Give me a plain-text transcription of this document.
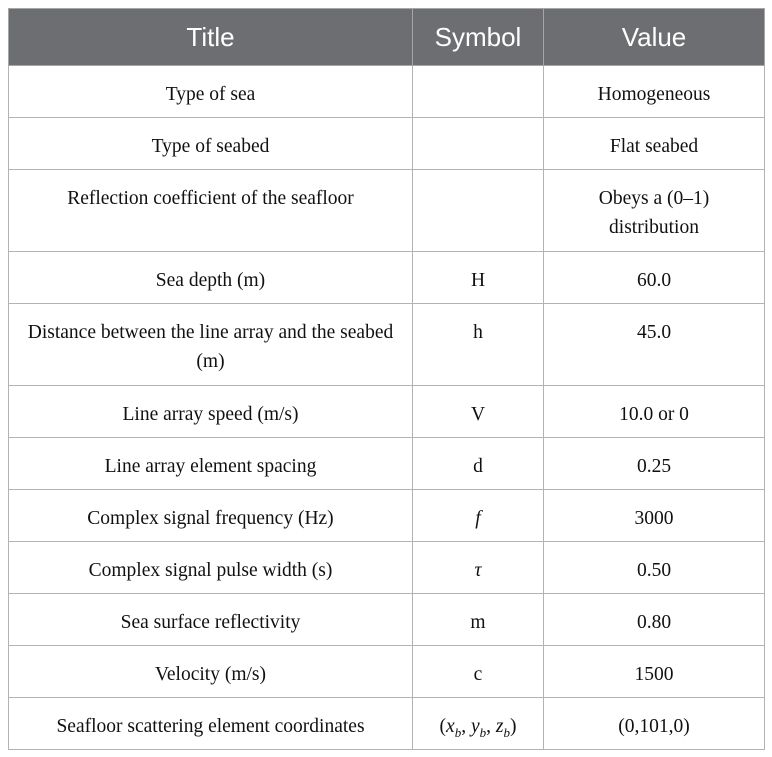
Title	Symbol	Value
Type of sea		Homogeneous
Type of seabed		Flat seabed
Reflection coefficient of the seafloor		Obeys a (0–1) distribution
Sea depth (m)	H	60.0
Distance between the line array and the seabed (m)	h	45.0
Line array speed (m/s)	V	10.0 or 0
Line array element spacing	d	0.25
Complex signal frequency (Hz)	f	3000
Complex signal pulse width (s)	τ	0.50
Sea surface reflectivity	m	0.80
Velocity (m/s)	c	1500
Seafloor scattering element coordinates	($x_b$, $y_b$, $z_b$)	(0,101,0)
